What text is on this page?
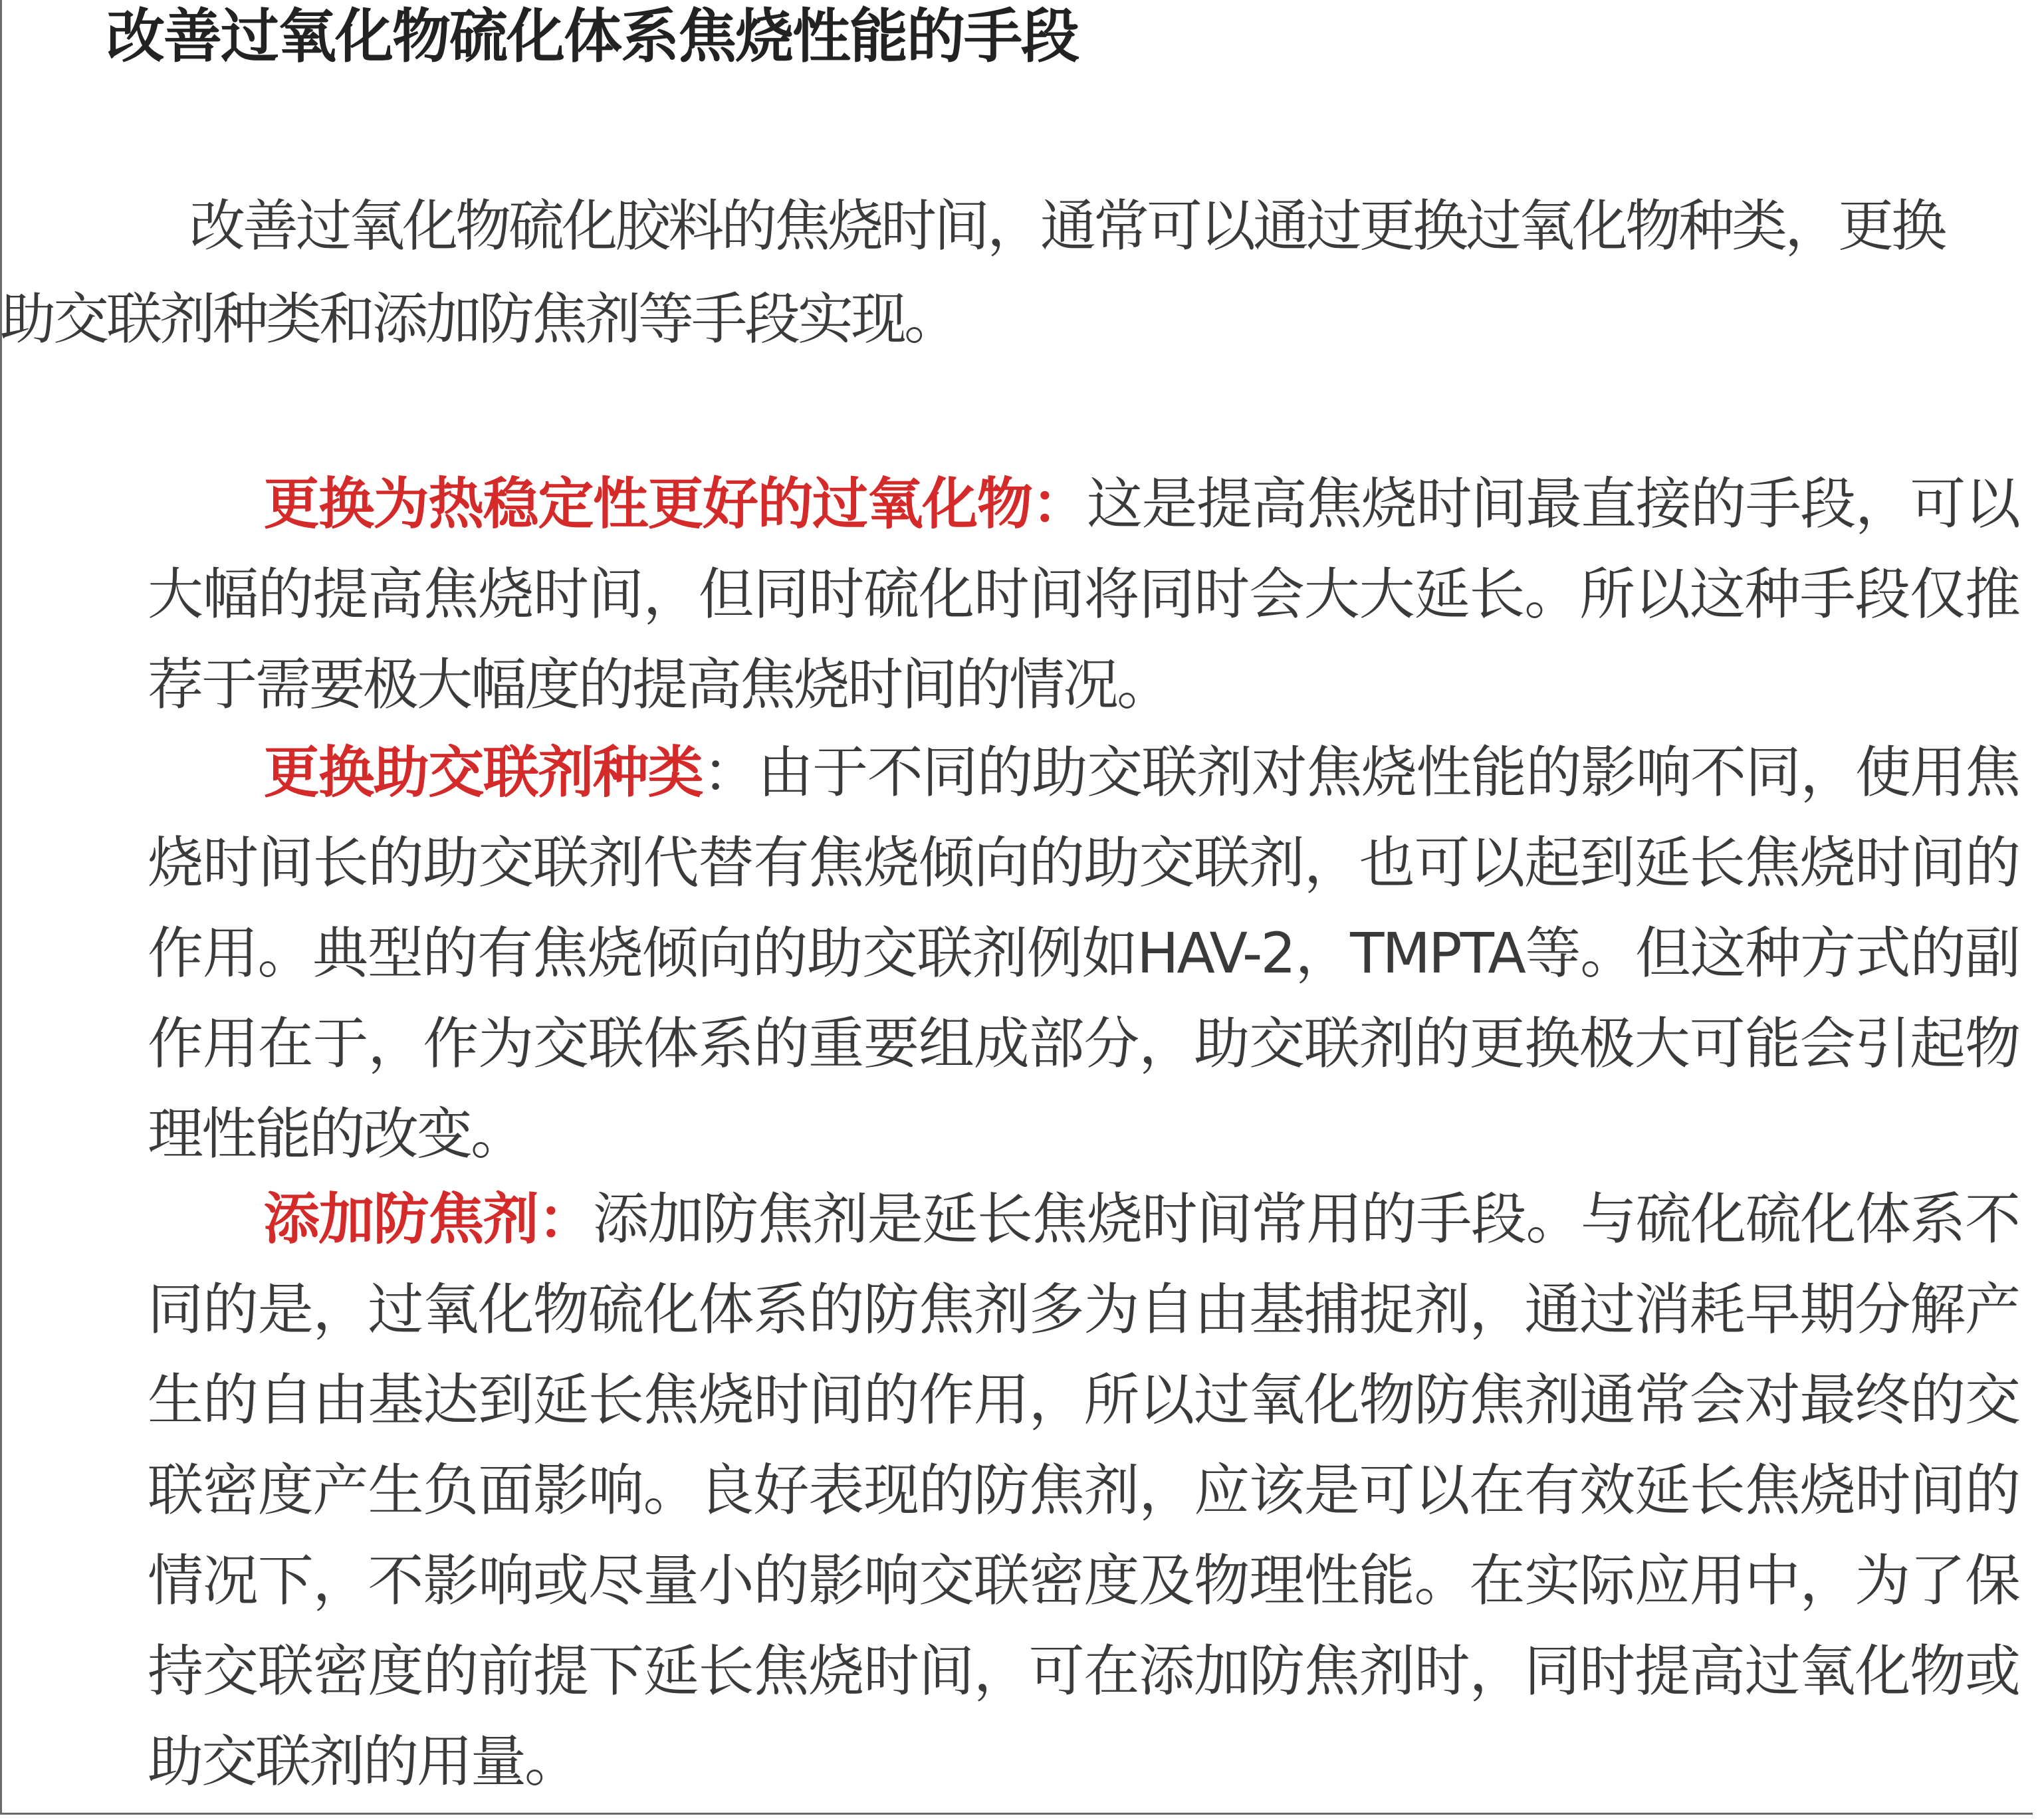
改善过氧化物硫化体系焦烧性能的手段
改善过氧化物硫化胶料的焦烧时间，通常可以通过更换过氧化物种类，更换助交联剂种类和添加防焦剂等手段实现。
更换为热稳定性更好的过氧化物：这是提高焦烧时间最直接的手段，可以大幅的提高焦烧时间，但同时硫化时间将同时会大大延长。所以这种手段仅推荐于需要极大幅度的提高焦烧时间的情况。
更换助交联剂种类：由于不同的助交联剂对焦烧性能的影响不同，使用焦烧时间长的助交联剂代替有焦烧倾向的助交联剂，也可以起到延长焦烧时间的作用。典型的有焦烧倾向的助交联剂例如HAV-2，TMPTA等。但这种方式的副作用在于，作为交联体系的重要组成部分，助交联剂的更换极大可能会引起物理性能的改变。
添加防焦剂：添加防焦剂是延长焦烧时间常用的手段。与硫化硫化体系不同的是，过氧化物硫化体系的防焦剂多为自由基捕捉剂，通过消耗早期分解产生的自由基达到延长焦烧时间的作用，所以过氧化物防焦剂通常会对最终的交联密度产生负面影响。良好表现的防焦剂，应该是可以在有效延长焦烧时间的情况下，不影响或尽量小的影响交联密度及物理性能。在实际应用中，为了保持交联密度的前提下延长焦烧时间，可在添加防焦剂时，同时提高过氧化物或助交联剂的用量。
